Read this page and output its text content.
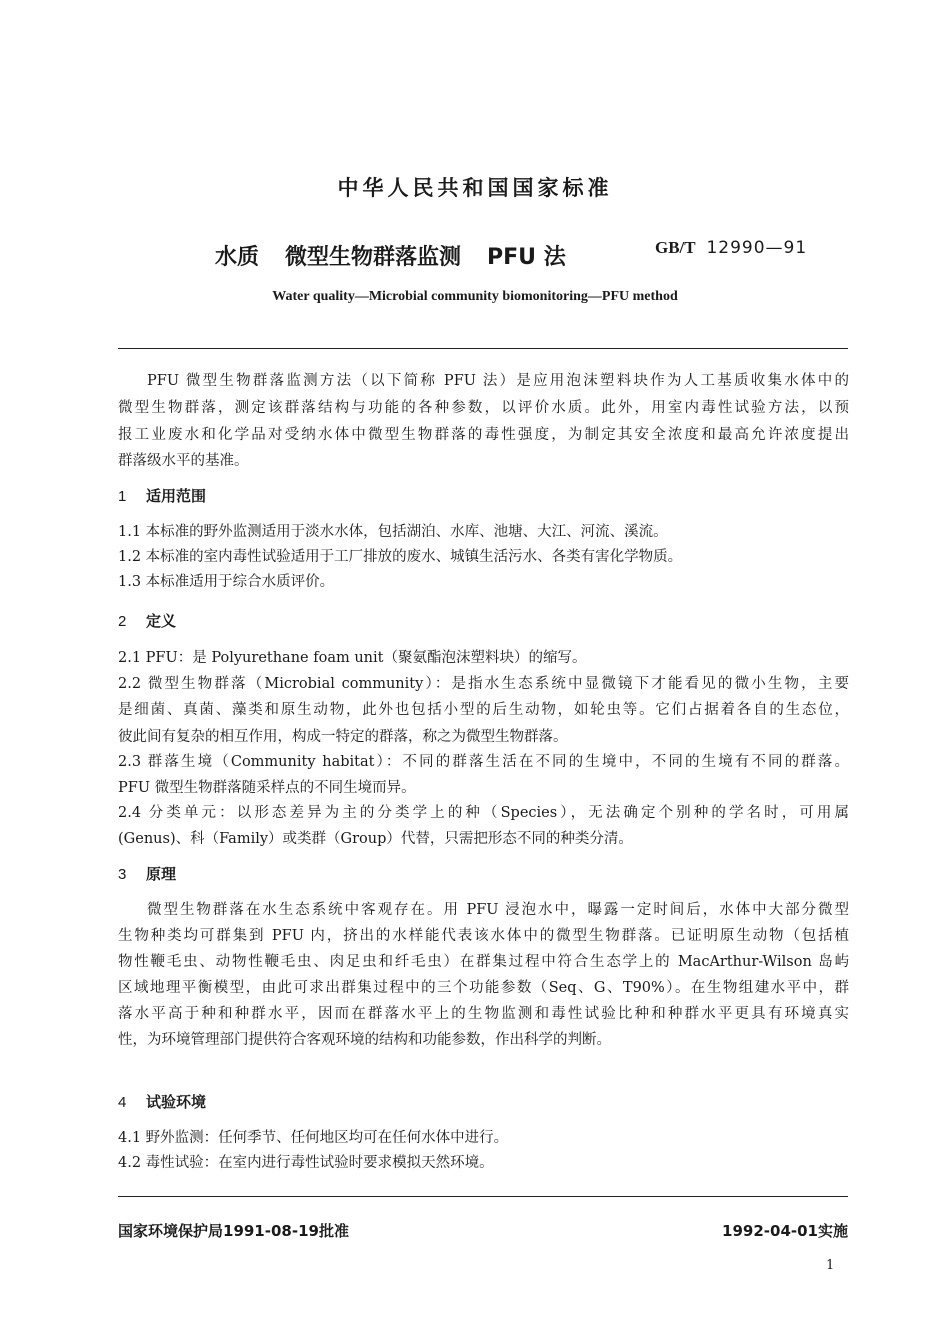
中华人民共和国国家标准
水质 微型生物群落监测 PFU 法	GB/T 12990—91
Water quality—Microbial community biomonitoring—PFU method
PFU 微型生物群落监测方法（以下简称 PFU 法）是应用泡沫塑料块作为人工基质收集水体中的
微型生物群落，测定该群落结构与功能的各种参数，以评价水质。此外，用室内毒性试验方法，以预
报工业废水和化学品对受纳水体中微型生物群落的毒性强度，为制定其安全浓度和最高允许浓度提出
群落级水平的基准。
1 适用范围
1.1 本标准的野外监测适用于淡水水体，包括湖泊、水库、池塘、大江、河流、溪流。
1.2 本标准的室内毒性试验适用于工厂排放的废水、城镇生活污水、各类有害化学物质。
1.3 本标准适用于综合水质评价。
2 定义
2.1 PFU：是 Polyurethane foam unit（聚氨酯泡沫塑料块）的缩写。
2.2 微型生物群落（Microbial community）：是指水生态系统中显微镜下才能看见的微小生物，主要
是细菌、真菌、藻类和原生动物，此外也包括小型的后生动物，如轮虫等。它们占据着各自的生态位，
彼此间有复杂的相互作用，构成一特定的群落，称之为微型生物群落。
2.3 群落生境（Community habitat）：不同的群落生活在不同的生境中，不同的生境有不同的群落。
PFU 微型生物群落随采样点的不同生境而异。
2.4 分类单元：以形态差异为主的分类学上的种（Species），无法确定个别种的学名时，可用属
(Genus)、科（Family）或类群（Group）代替，只需把形态不同的种类分清。
3 原理
微型生物群落在水生态系统中客观存在。用 PFU 浸泡水中，曝露一定时间后，水体中大部分微型
生物种类均可群集到 PFU 内，挤出的水样能代表该水体中的微型生物群落。已证明原生动物（包括植
物性鞭毛虫、动物性鞭毛虫、肉足虫和纤毛虫）在群集过程中符合生态学上的 MacArthur-Wilson 岛屿
区域地理平衡模型，由此可求出群集过程中的三个功能参数（Seq、G、T90%）。在生物组建水平中，群
落水平高于种和种群水平，因而在群落水平上的生物监测和毒性试验比种和种群水平更具有环境真实
性，为环境管理部门提供符合客观环境的结构和功能参数，作出科学的判断。
4 试验环境
4.1 野外监测：任何季节、任何地区均可在任何水体中进行。
4.2 毒性试验：在室内进行毒性试验时要求模拟天然环境。
国家环境保护局1991-08-19批准	1992-04-01实施
1
